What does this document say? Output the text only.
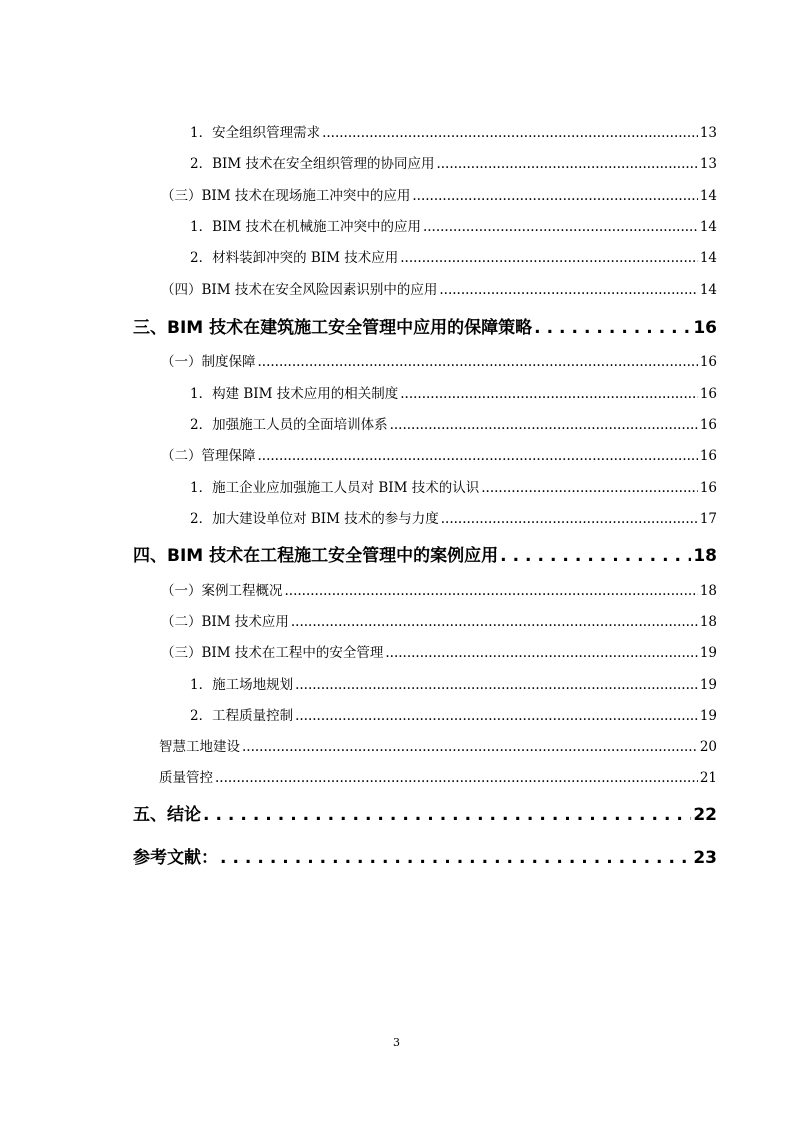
1．安全组织管理需求 .....	13
2．BIM 技术在安全组织管理的协同应用 .....	13
（三）BIM 技术在现场施工冲突中的应用 .....	14
1．BIM 技术在机械施工冲突中的应用 .....	14
2．材料装卸冲突的 BIM 技术应用 .....	14
（四）BIM 技术在安全风险因素识别中的应用 .....	14
三、BIM 技术在建筑施工安全管理中应用的保障策略 .....	16
（一）制度保障 .....	16
1．构建 BIM 技术应用的相关制度 .....	16
2．加强施工人员的全面培训体系 .....	16
（二）管理保障 .....	16
1．施工企业应加强施工人员对 BIM 技术的认识 .....	16
2．加大建设单位对 BIM 技术的参与力度 .....	17
四、BIM 技术在工程施工安全管理中的案例应用 .....	18
（一）案例工程概况 .....	18
（二）BIM 技术应用 .....	18
（三）BIM 技术在工程中的安全管理 .....	19
1．施工场地规划 .....	19
2．工程质量控制 .....	19
智慧工地建设 .....	20
质量管控 .....	21
五、结论 .....	22
参考文献： .....	23
3
